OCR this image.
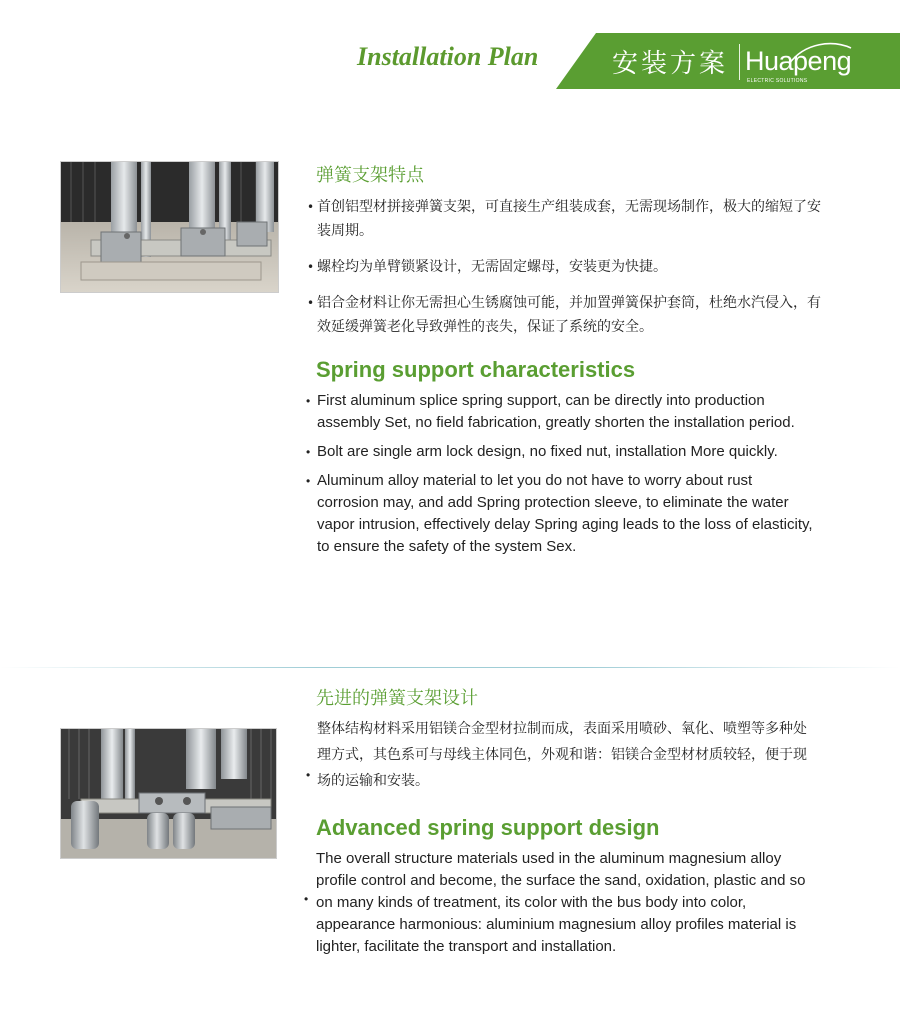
Installation Plan	安装方案 Huapeng
ELECTRIC SOLUTIONS
弹簧支架特点
• 首创铝型材拼接弹簧支架，可直接生产组装成套，无需现场制作，极大的缩短了安装周期。
• 螺栓均为单臂锁紧设计，无需固定螺母，安装更为快捷。
• 铝合金材料让你无需担心生锈腐蚀可能，并加置弹簧保护套筒，杜绝水汽侵入，有效延缓弹簧老化导致弹性的丧失，保证了系统的安全。
Spring support characteristics
• First aluminum splice spring support, can be directly into production assembly Set, no field fabrication, greatly shorten the installation period.
• Bolt are single arm lock design, no fixed nut, installation More quickly.
• Aluminum alloy material to let you do not have to worry about rust corrosion may, and add Spring protection sleeve, to eliminate the water vapor intrusion, effectively delay Spring aging leads to the loss of elasticity, to ensure the safety of the system Sex.
先进的弹簧支架设计
•
整体结构材料采用铝镁合金型材拉制而成，表面采用喷砂、氧化、喷塑等多种处理方式，其色系可与母线主体同色，外观和谐：铝镁合金型材材质较轻，便于现场的运输和安装。
Advanced spring support design
•
The overall structure materials used in the aluminum magnesium alloy profile control and become, the surface the sand, oxidation, plastic and so on many kinds of treatment, its color with the bus body into color, appearance harmonious: aluminium magnesium alloy profiles material is lighter, facilitate the transport and installation.
